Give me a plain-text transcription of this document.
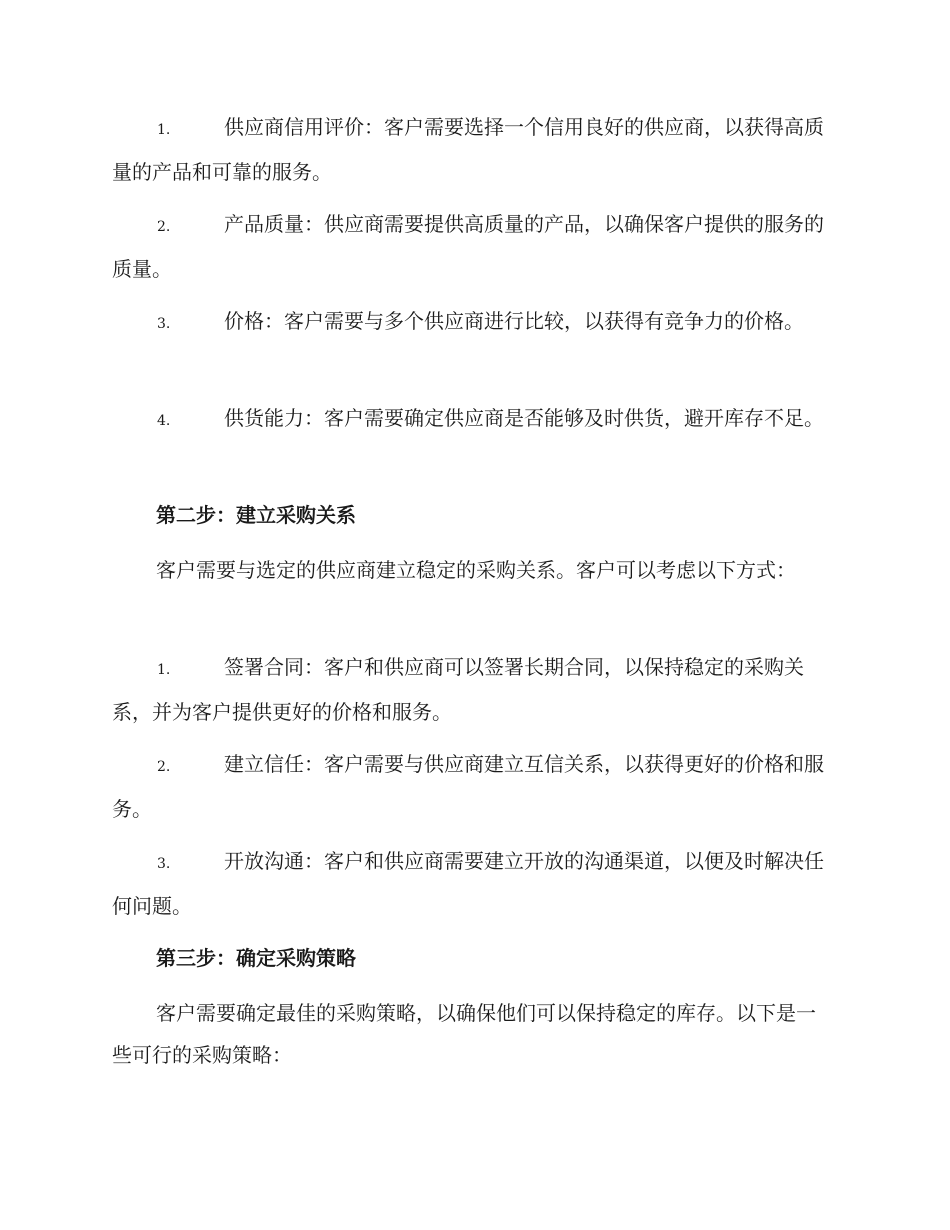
1.	供应商信用评价：客户需要选择一个信用良好的供应商，以获得高质量的产品和可靠的服务。

2.	产品质量：供应商需要提供高质量的产品，以确保客户提供的服务的质量。

3.	价格：客户需要与多个供应商进行比较，以获得有竞争力的价格。

4.	供货能力：客户需要确定供应商是否能够及时供货，避开库存不足。

第二步：建立采购关系

客户需要与选定的供应商建立稳定的采购关系。客户可以考虑以下方式：

1.	签署合同：客户和供应商可以签署长期合同，以保持稳定的采购关系，并为客户提供更好的价格和服务。

2.	建立信任：客户需要与供应商建立互信关系，以获得更好的价格和服务。

3.	开放沟通：客户和供应商需要建立开放的沟通渠道，以便及时解决任何问题。

第三步：确定采购策略

客户需要确定最佳的采购策略，以确保他们可以保持稳定的库存。以下是一些可行的采购策略：
